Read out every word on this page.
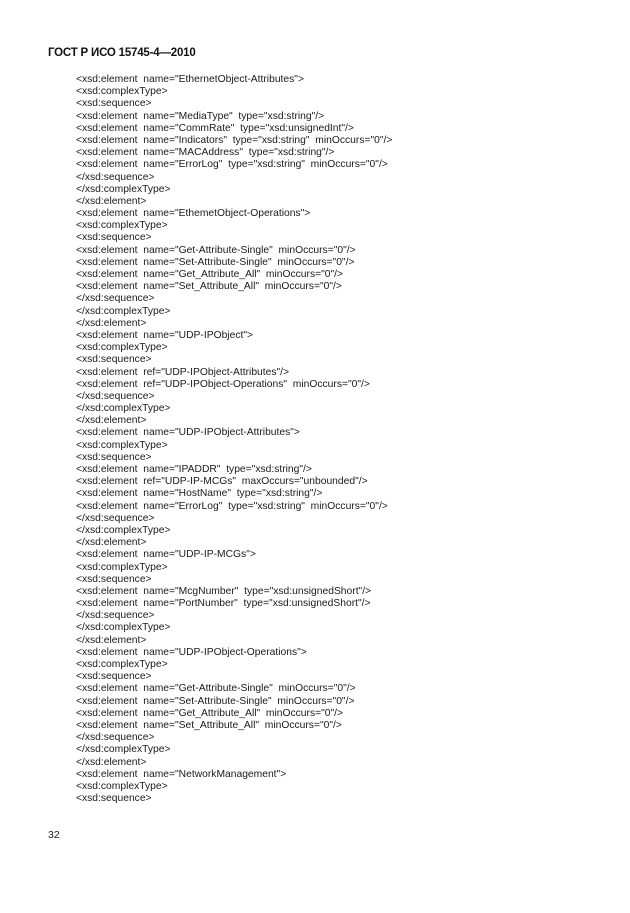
ГОСТ Р ИСО 15745-4—2010
<xsd:element  name="EthernetObject-Attributes">
<xsd:complexType>
<xsd:sequence>
<xsd:element  name="MediaType"  type="xsd:string"/>
<xsd:element  name="CommRate"  type="xsd:unsignedInt"/>
<xsd:element  name="Indicators"  type="xsd:string"  minOccurs="0"/>
<xsd:element  name="MACAddress"  type="xsd:string"/>
<xsd:element  name="ErrorLog"  type="xsd:string"  minOccurs="0"/>
</xsd:sequence>
</xsd:complexType>
</xsd:element>
<xsd:element  name="EthemetObject-Operations">
<xsd:complexType>
<xsd:sequence>
<xsd:element  name="Get-Attribute-Single"  minOccurs="0"/>
<xsd:element  name="Set-Attribute-Single"  minOccurs="0"/>
<xsd:element  name="Get_Attribute_All"  minOccurs="0"/>
<xsd:element  name="Set_Attribute_All"  minOccurs="0"/>
</xsd:sequence>
</xsd:complexType>
</xsd:element>
<xsd:element  name="UDP-IPObject">
<xsd:complexType>
<xsd:sequence>
<xsd:element  ref="UDP-IPObject-Attributes"/>
<xsd:element  ref="UDP-IPObject-Operations"  minOccurs="0"/>
</xsd:sequence>
</xsd:complexType>
</xsd:element>
<xsd:element  name="UDP-IPObject-Attributes">
<xsd:complexType>
<xsd:sequence>
<xsd:element  name="IPADDR"  type="xsd:string"/>
<xsd:element  ref="UDP-IP-MCGs"  maxOccurs="unbounded"/>
<xsd:element  name="HostName"  type="xsd:string"/>
<xsd:element  name="ErrorLog"  type="xsd:string"  minOccurs="0"/>
</xsd:sequence>
</xsd:complexType>
</xsd:element>
<xsd:element  name="UDP-IP-MCGs">
<xsd:complexType>
<xsd:sequence>
<xsd:element  name="McgNumber"  type="xsd:unsignedShort"/>
<xsd:element  name="PortNumber"  type="xsd:unsignedShort"/>
</xsd:sequence>
</xsd:complexType>
</xsd:element>
<xsd:element  name="UDP-IPObject-Operations">
<xsd:complexType>
<xsd:sequence>
<xsd:element  name="Get-Attribute-Single"  minOccurs="0"/>
<xsd:element  name="Set-Attribute-Single"  minOccurs="0"/>
<xsd:element  name="Get_Attribute_All"  minOccurs="0"/>
<xsd:element  name="Set_Attribute_All"  minOccurs="0"/>
</xsd:sequence>
</xsd:complexType>
</xsd:element>
<xsd:element  name="NetworkManagement">
<xsd:complexType>
<xsd:sequence>
32
